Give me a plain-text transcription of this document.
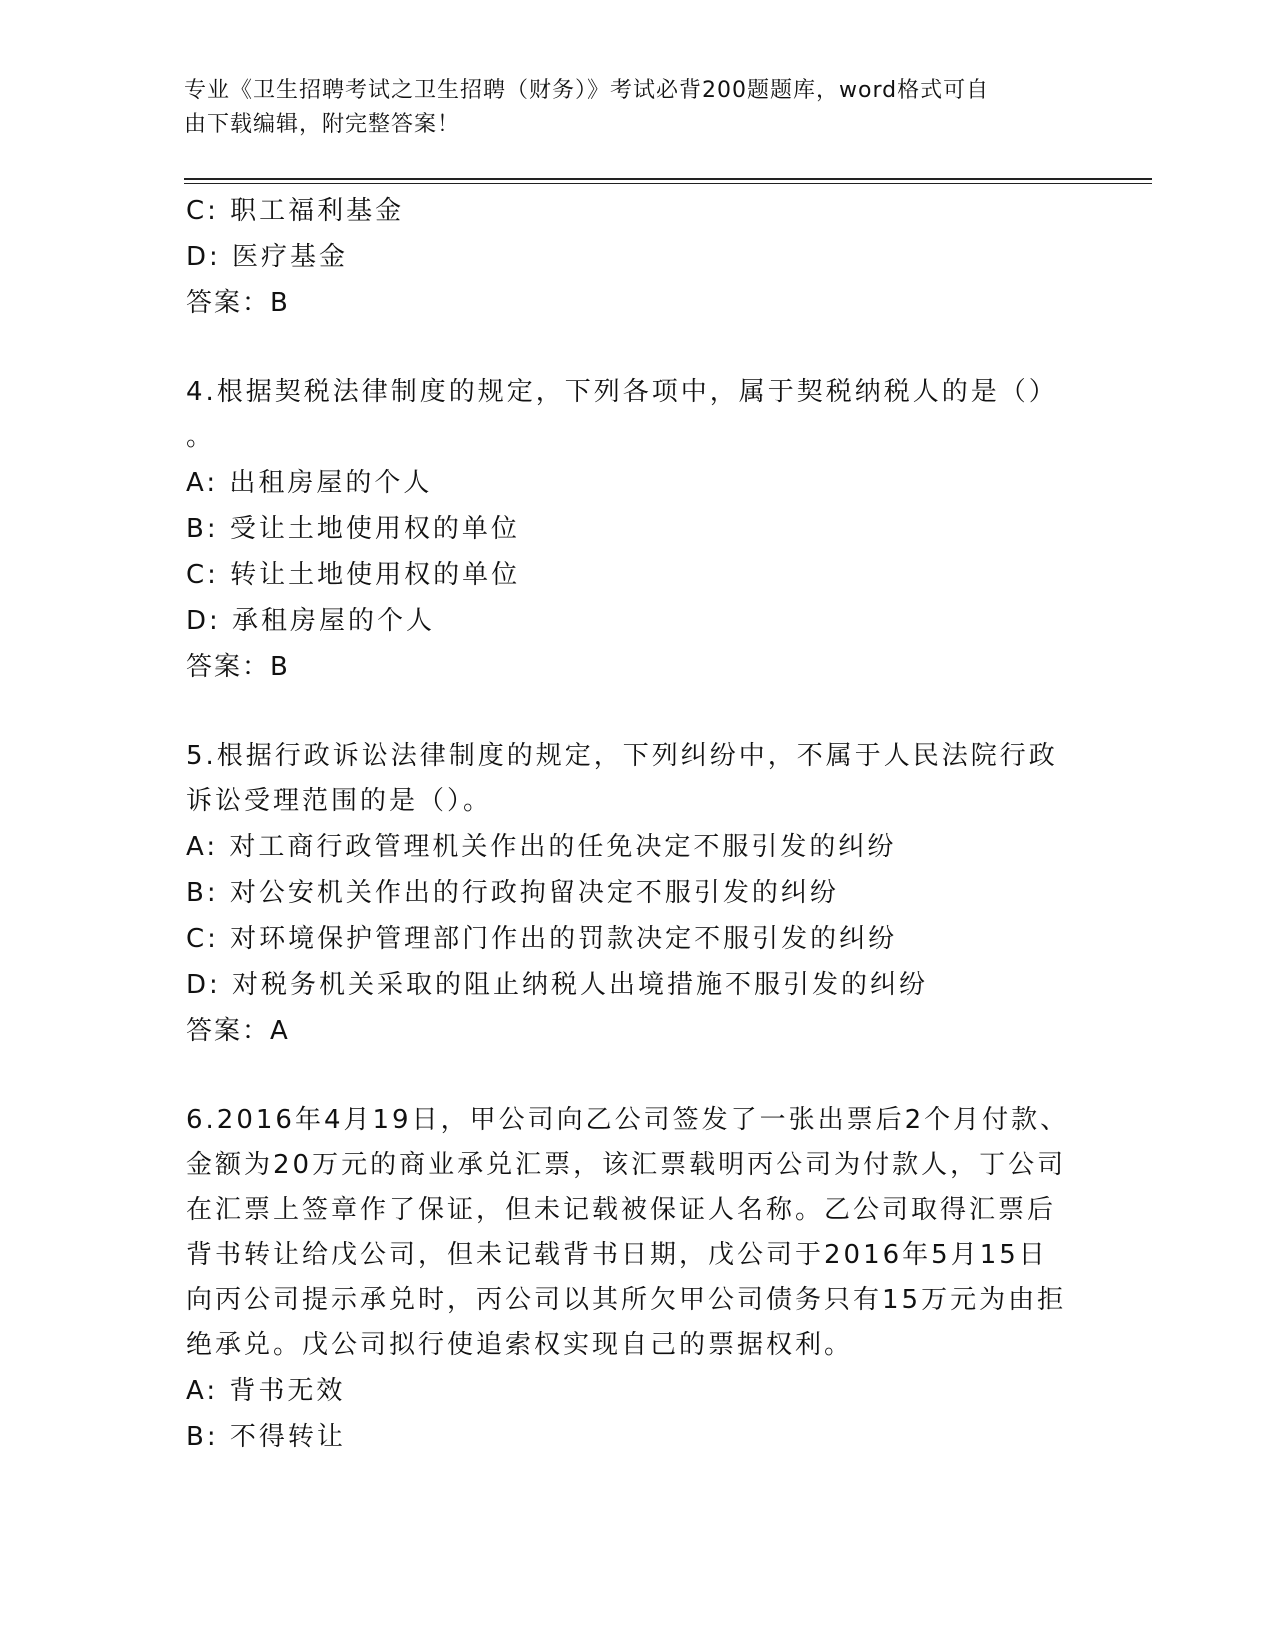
专业《卫生招聘考试之卫生招聘（财务）》考试必背200题题库，word格式可自
由下载编辑，附完整答案！
C: 职工福利基金
D: 医疗基金
答案：B
4.根据契税法律制度的规定，下列各项中，属于契税纳税人的是（）
。
A: 出租房屋的个人
B: 受让土地使用权的单位
C: 转让土地使用权的单位
D: 承租房屋的个人
答案：B
5.根据行政诉讼法律制度的规定，下列纠纷中，不属于人民法院行政
诉讼受理范围的是（）。
A: 对工商行政管理机关作出的任免决定不服引发的纠纷
B: 对公安机关作出的行政拘留决定不服引发的纠纷
C: 对环境保护管理部门作出的罚款决定不服引发的纠纷
D: 对税务机关采取的阻止纳税人出境措施不服引发的纠纷
答案：A
6.2016年4月19日，甲公司向乙公司签发了一张出票后2个月付款、
金额为20万元的商业承兑汇票，该汇票载明丙公司为付款人，丁公司
在汇票上签章作了保证，但未记载被保证人名称。乙公司取得汇票后
背书转让给戊公司，但未记载背书日期，戊公司于2016年5月15日
向丙公司提示承兑时，丙公司以其所欠甲公司债务只有15万元为由拒
绝承兑。戊公司拟行使追索权实现自己的票据权利。
A: 背书无效
B: 不得转让
